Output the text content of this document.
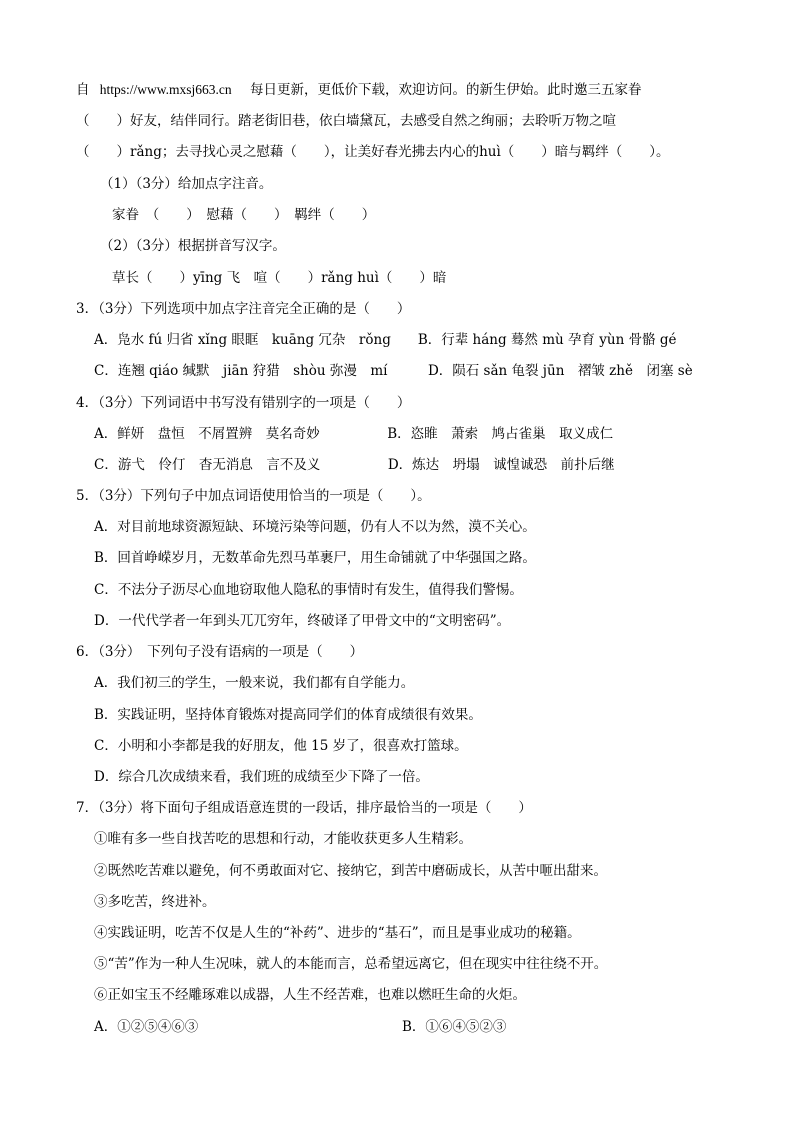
自 https://www.mxsj663.cn 每日更新，更低价下载，欢迎访问。的新生伊始。此时邀三五家眷
（　　）好友，结伴同行。踏老街旧巷，依白墙黛瓦，去感受自然之绚丽；去聆听万物之喧
（　　）rǎng；去寻找心灵之慰藉（　　），让美好春光拂去内心的huì（　　）暗与羁绊（　　）。
（1）（3分）给加点字注音。
家眷　（　　）　慰藉（　　）　羁绊（　　）
（2）（3分）根据拼音写汉字。
草长（　　）yīng 飞　喧（　　）rǎng huì（　　）暗
3．（3分）下列选项中加点字注音完全正确的是（　　）
A．凫水 fú 归省 xǐng 眼眶　kuāng 冗杂　rǒng　　B．行辈 háng 蓦然 mù 孕育 yùn 骨骼 gé
C．连翘 qiáo 缄默　jiān 狩猎　shòu 弥漫　mí　　　D．陨石 sǎn 龟裂 jūn　褶皱 zhě　闭塞 sè
4．（3分）下列词语中书写没有错别字的一项是（　　）
A．鲜妍　盘恒　不屑置辨　莫名奇妙　　　　　B．恣睢　萧索　鸠占雀巢　取义成仁
C．游弋　伶仃　杳无消息　言不及义　　　　　D．炼达　坍塌　诚惶诚恐　前扑后继
5．（3分）下列句子中加点词语使用恰当的一项是（　　）。
A．对目前地球资源短缺、环境污染等问题，仍有人不以为然，漠不关心。
B．回首峥嵘岁月，无数革命先烈马革裹尸，用生命铺就了中华强国之路。
C．不法分子沥尽心血地窃取他人隐私的事情时有发生，值得我们警惕。
D．一代代学者一年到头兀兀穷年，终破译了甲骨文中的“文明密码”。
6．（3分）　下列句子没有语病的一项是（　　）
A．我们初三的学生，一般来说，我们都有自学能力。
B．实践证明，坚持体育锻炼对提高同学们的体育成绩很有效果。
C．小明和小李都是我的好朋友，他 15 岁了，很喜欢打篮球。
D．综合几次成绩来看，我们班的成绩至少下降了一倍。
7．（3分）将下面句子组成语意连贯的一段话，排序最恰当的一项是（　　）
①唯有多一些自找苦吃的思想和行动，才能收获更多人生精彩。
②既然吃苦难以避免，何不勇敢面对它、接纳它，到苦中磨砺成长，从苦中咂出甜来。
③多吃苦，终进补。
④实践证明，吃苦不仅是人生的“补药”、进步的“基石”，而且是事业成功的秘籍。
⑤“苦”作为一种人生况味，就人的本能而言，总希望远离它，但在现实中往往绕不开。
⑥正如宝玉不经雕琢难以成器，人生不经苦难，也难以燃旺生命的火炬。
A．①②⑤④⑥③	B．①⑥④⑤②③
